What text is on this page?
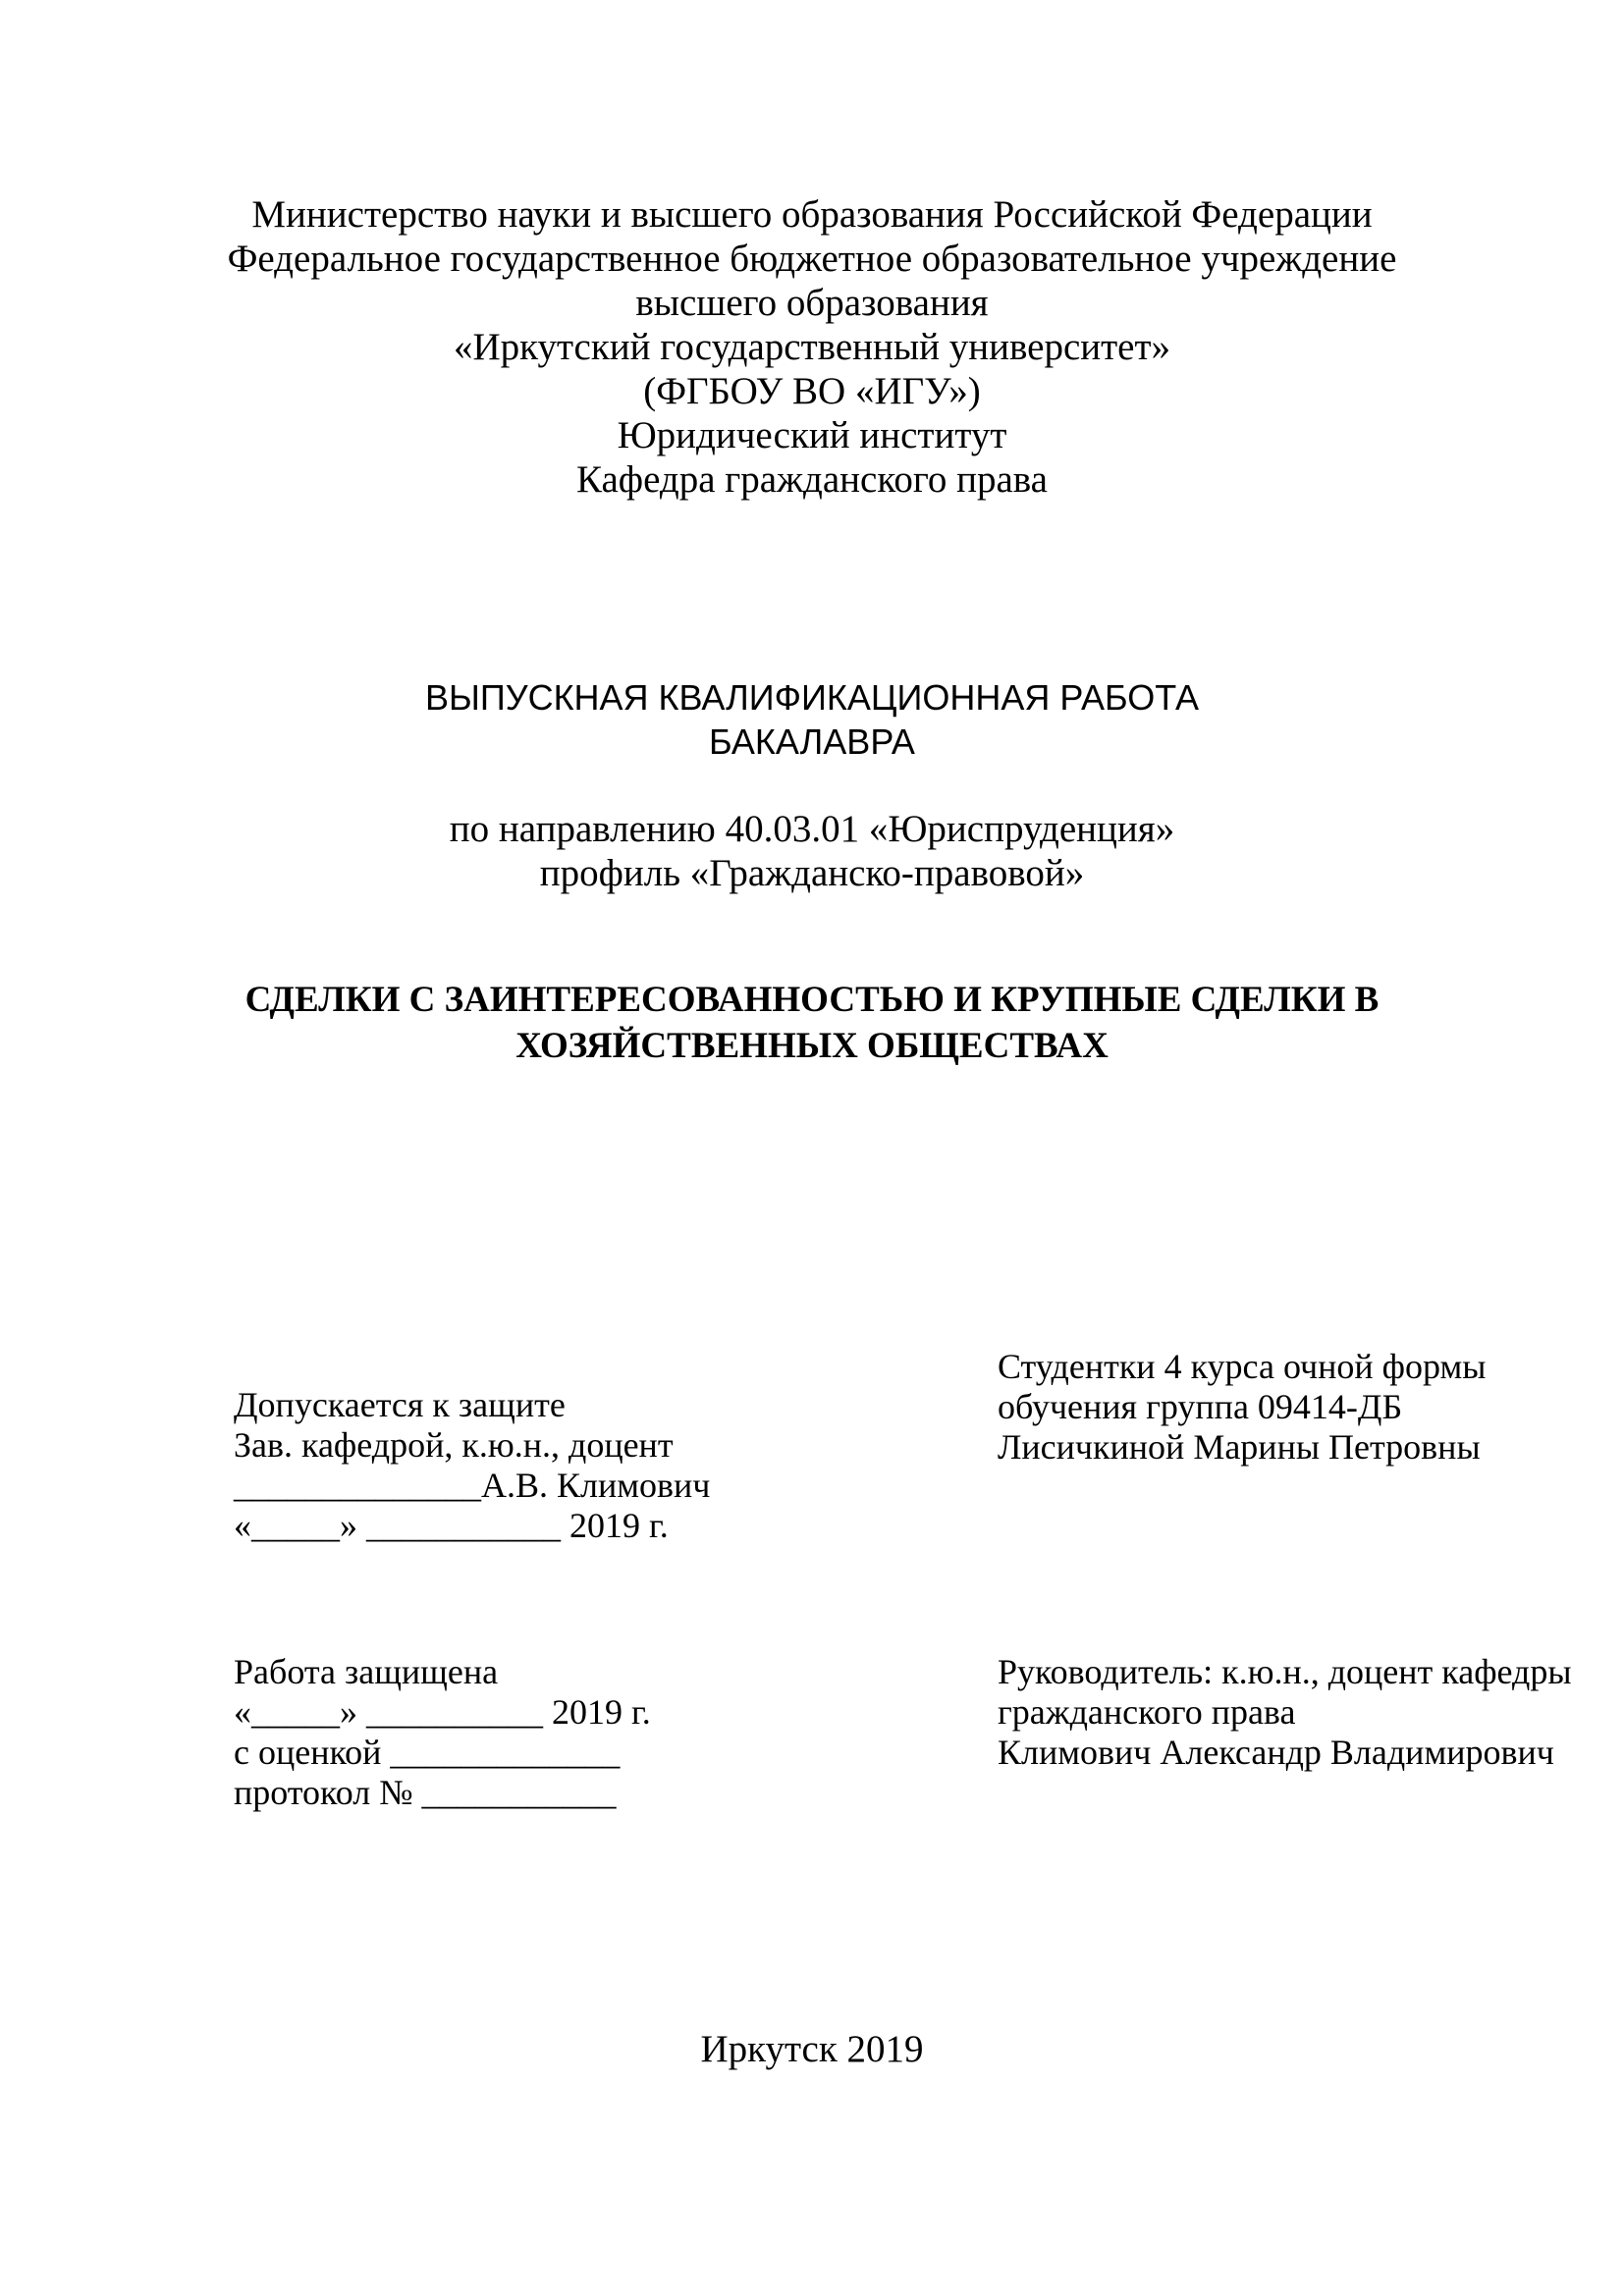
Министерство науки и высшего образования Российской Федерации
Федеральное государственное бюджетное образовательное учреждение
высшего образования
«Иркутский государственный университет»
(ФГБОУ ВО «ИГУ»)
Юридический институт
Кафедра гражданского права
ВЫПУСКНАЯ КВАЛИФИКАЦИОННАЯ РАБОТА
БАКАЛАВРА
по направлению 40.03.01 «Юриспруденция»
профиль «Гражданско-правовой»
СДЕЛКИ С ЗАИНТЕРЕСОВАННОСТЬЮ И КРУПНЫЕ СДЕЛКИ В
ХОЗЯЙСТВЕННЫХ ОБЩЕСТВАХ
Допускается к защите
Зав. кафедрой, к.ю.н., доцент
______________А.В. Климович
«_____» ___________ 2019 г.
Студентки 4 курса очной формы
обучения группа 09414-ДБ
Лисичкиной Марины Петровны
Работа защищена
«_____» __________ 2019 г.
с оценкой _____________
протокол № ___________
Руководитель: к.ю.н., доцент кафедры
гражданского права
Климович Александр Владимирович
Иркутск 2019
